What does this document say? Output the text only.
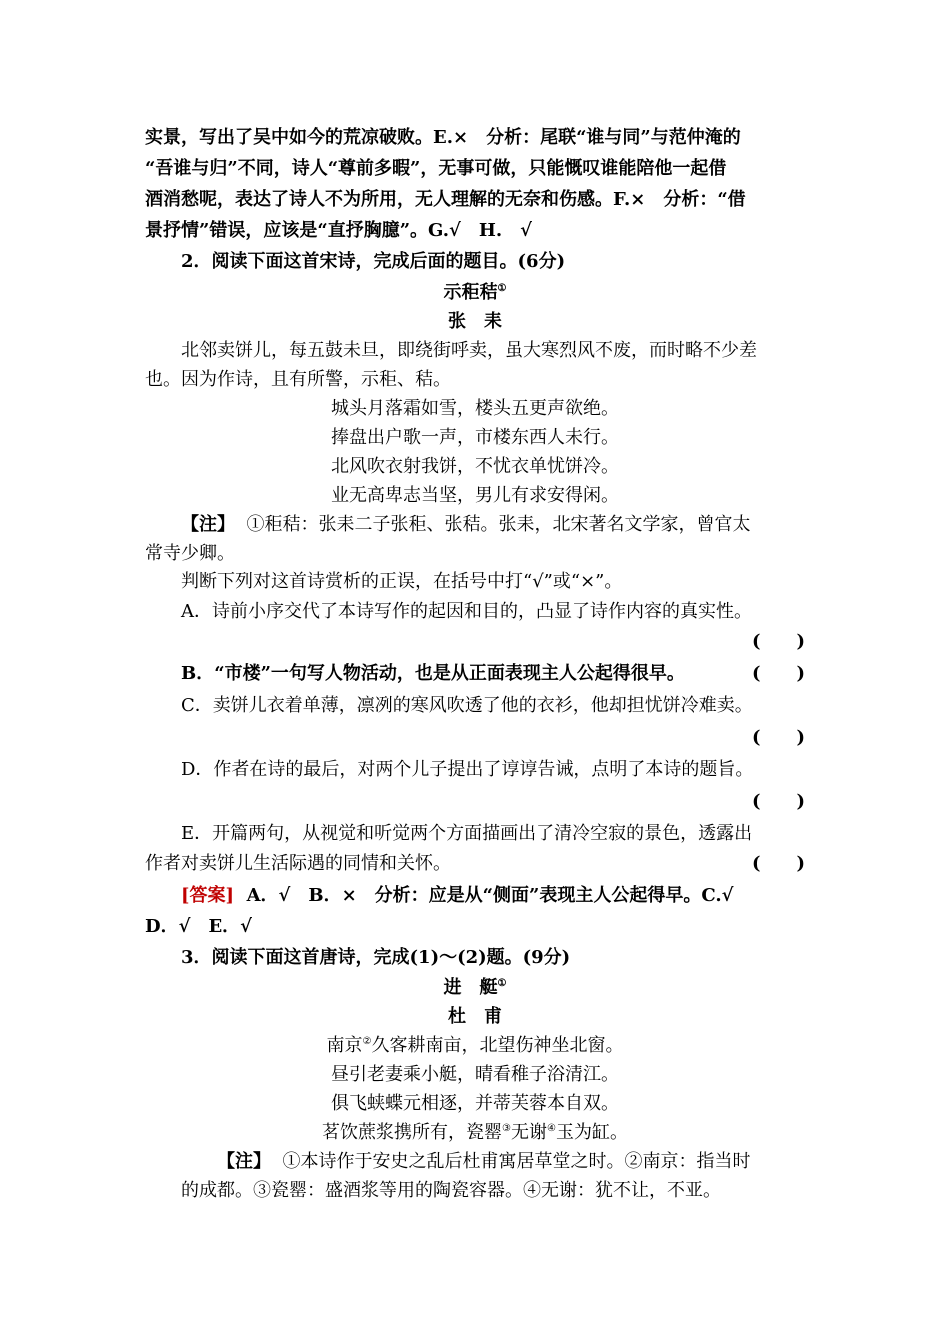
实景，写出了吴中如今的荒凉破败。E.×　分析：尾联“谁与同”与范仲淹的
“吾谁与归”不同，诗人“尊前多暇”，无事可做，只能慨叹谁能陪他一起借
酒消愁呢，表达了诗人不为所用，无人理解的无奈和伤感。F.×　分析：“借
景抒情”错误，应该是“直抒胸臆”。G.√　H.　√
2．阅读下面这首宋诗，完成后面的题目。(6分)
示秬秸①
张　耒
北邻卖饼儿，每五鼓未旦，即绕街呼卖，虽大寒烈风不废，而时略不少差
也。因为作诗，且有所警，示秬、秸。
城头月落霜如雪，楼头五更声欲绝。
捧盘出户歌一声，市楼东西人未行。
北风吹衣射我饼，不忧衣单忧饼冷。
业无高卑志当坚，男儿有求安得闲。
【注】 ①秬秸：张耒二子张秬、张秸。张耒，北宋著名文学家，曾官太
常寺少卿。
判断下列对这首诗赏析的正误，在括号中打“√”或“×”。
A．诗前小序交代了本诗写作的起因和目的，凸显了诗作内容的真实性。
(　　)
B．“市楼”一句写人物活动，也是从正面表现主人公起得很早。	(　　)
C．卖饼儿衣着单薄，凛冽的寒风吹透了他的衣衫，他却担忧饼冷难卖。
(　　)
D．作者在诗的最后，对两个儿子提出了谆谆告诫，点明了本诗的题旨。
(　　)
E．开篇两句，从视觉和听觉两个方面描画出了清冷空寂的景色，透露出
作者对卖饼儿生活际遇的同情和关怀。	(　　)
[答案] A．√　B．×　分析：应是从“侧面”表现主人公起得早。C.√
D．√　E．√
3．阅读下面这首唐诗，完成(1)～(2)题。(9分)
进　艇①
杜　甫
南京②久客耕南亩，北望伤神坐北窗。
昼引老妻乘小艇，晴看稚子浴清江。
俱飞蛱蝶元相逐，并蒂芙蓉本自双。
茗饮蔗浆携所有，瓷罂③无谢④玉为缸。
【注】 ①本诗作于安史之乱后杜甫寓居草堂之时。②南京：指当时
的成都。③瓷罂：盛酒浆等用的陶瓷容器。④无谢：犹不让，不亚。
